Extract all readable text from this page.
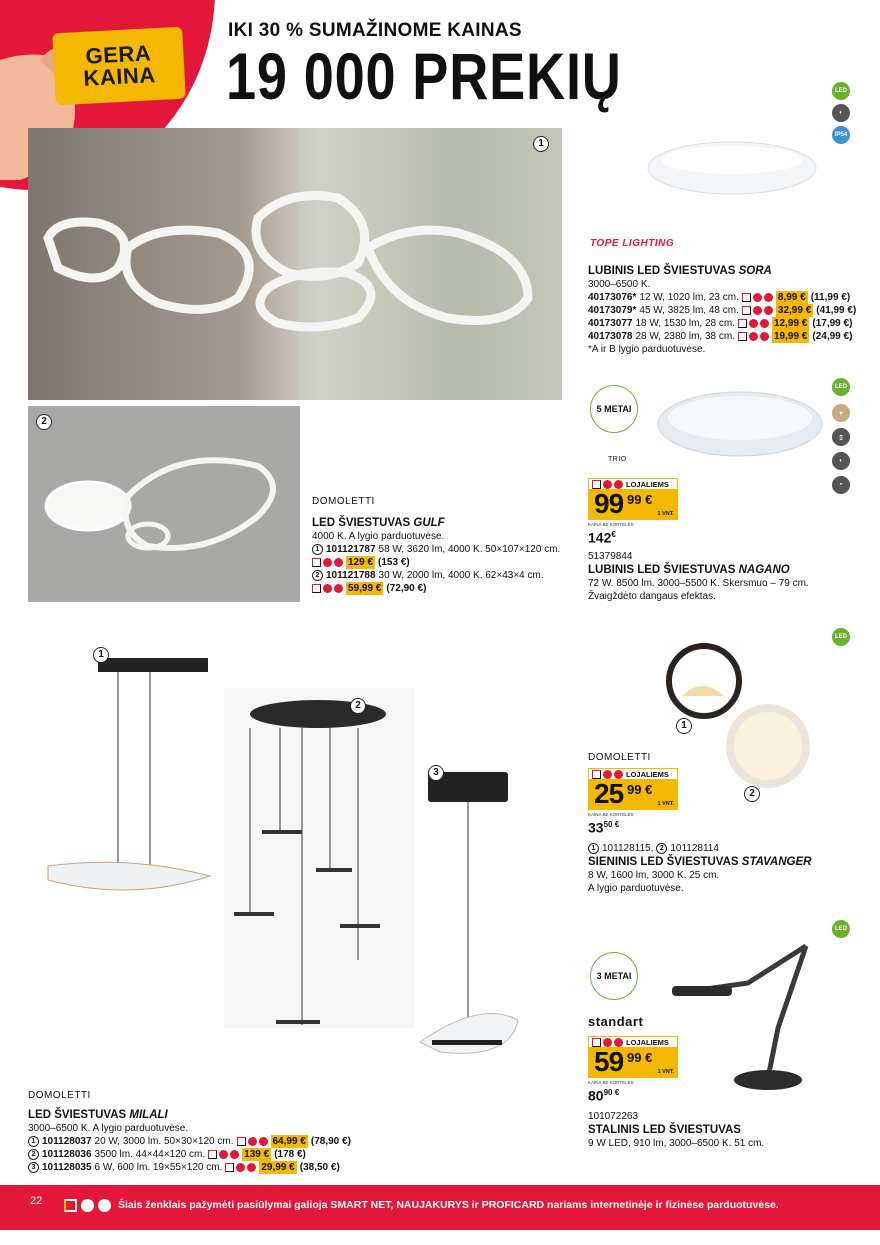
GERA
KAINA
IKI 30 % SUMAŽINOME KAINAS
19 000 PREKIŲ	LED
◐
IP54
1
TOPE LIGHTING
LUBINIS LED ŠVIESTUVAS SORA
3000–6500 K.
40173076* 12 W, 1020 lm, 23 cm.	8,99 € (11,99 €)
40173079* 45 W, 3825 lm, 48 cm.	32,99 € (41,99 €)
40173077 18 W, 1530 lm, 28 cm.	12,99 € (17,99 €)
40173078 28 W, 2380 lm, 38 cm.	19,99 € (24,99 €)
*A ir B lygio parduotuvėse.
2
DOMOLETTI
LED ŠVIESTUVAS GULF
4000 K. A lygio parduotuvėse.
1 101121787 58 W, 3620 lm, 4000 K. 50×107×120 cm.
129 € (153 €)
2 101121788 30 W, 2000 lm, 4000 K. 62×43×4 cm.
59,99 € (72,90 €)
5 METAI
TRIO
LED
✦
▯
◐
◓
LOJALIEMS
99 99 €
1 VNT.
KAINA BE KORTELĖS
142€
51379844
LUBINIS LED ŠVIESTUVAS NAGANO
72 W. 8500 lm. 3000–5500 K. Skersmuo – 79 cm.
Žvaigždėto dangaus efektas.
LED
1
2
DOMOLETTI
LOJALIEMS
25 99 €
1 VNT.
KAINA BE KORTELĖS
$33^{50 €}$
1 101128115, 2 101128114
SIENINIS LED ŠVIESTUVAS STAVANGER
8 W, 1600 lm, 3000 K. 25 cm.
A lygio parduotuvėse.
LED
3 METAI
standart
LOJALIEMS
59 99 €
1 VNT.
KAINA BE KORTELĖS
$80^{90 €}$
101072263
STALINIS LED ŠVIESTUVAS
9 W LED, 910 lm, 3000–6500 K. 51 cm.
1
2
3
DOMOLETTI
LED ŠVIESTUVAS MILALI
3000–6500 K. A lygio parduotuvėse.
1 101128037 20 W, 3000 lm. 50×30×120 cm.	64,99 € (78,90 €)
2 101128036 3500 lm. 44×44×120 cm.	139 € (178 €)
3 101128035 6 W, 600 lm. 19×55×120 cm.	29,99 € (38,50 €)
22	Šiais ženklais pažymėti pasiūlymai galioja SMART NET, NAUJAKURYS ir PROFICARD nariams internetinėje ir fizinėse parduotuvėse.
